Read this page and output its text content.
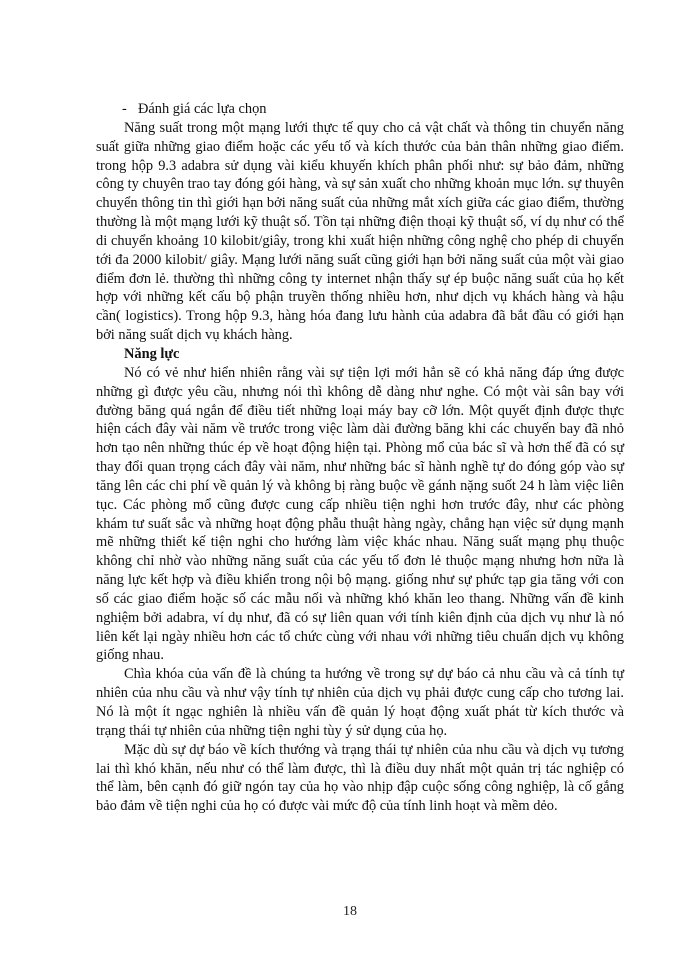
- Đánh giá các lựa chọn

Năng suất trong một mạng lưới thực tế quy cho cả vật chất và thông tin chuyển năng suất giữa những giao điểm hoặc các yếu tố và kích thước của bản thân những giao điểm. trong hộp 9.3 adabra sử dụng vài kiểu khuyến khích phân phối như: sự bảo đảm, những công ty chuyên trao tay đóng gói hàng, và sự sản xuất cho những khoản mục lớn. sự thuyên chuyển thông tin thì giới hạn bởi năng suất của những mắt xích giữa các giao điểm, thường thường là một mạng lưới kỹ thuật số. Tồn tại những điện thoại kỹ thuật số, ví dụ như có thể di chuyển khoảng 10 kilobit/giây, trong khi xuất hiện những công nghệ cho phép di chuyển tới đa 2000 kilobit/ giây. Mạng lưới năng suất cũng giới hạn bởi năng suất của một vài giao điểm đơn lẻ. thường thì những công ty internet nhận thấy sự ép buộc năng suất của họ kết hợp với những kết cấu bộ phận truyền thống nhiều hơn, như dịch vụ khách hàng và hậu cần( logistics). Trong hộp 9.3, hàng hóa đang lưu hành của adabra đã bắt đầu có giới hạn bởi năng suất dịch vụ khách hàng.

Năng lực

Nó có vẻ như hiển nhiên rằng vài sự tiện lợi mới hẳn sẽ có khả năng đáp ứng được những gì được yêu cầu, nhưng nói thì không dễ dàng như nghe. Có một vài sân bay với đường băng quá ngắn để điều tiết những loại máy bay cỡ lớn. Một quyết định được thực hiện cách đây vài năm về trước trong việc làm dài đường băng khi các chuyến bay đã nhỏ hơn tạo nên những thúc ép về hoạt động hiện tại. Phòng mổ của bác sĩ và hơn thế đã có sự thay đổi quan trọng cách đây vài năm, như những bác sĩ hành nghề tự do đóng góp vào sự tăng lên các chi phí về quản lý và không bị ràng buộc về gánh nặng suốt 24 h làm việc liên tục. Các phòng mổ cũng được cung cấp nhiều tiện nghi hơn trước đây, như các phòng khám tư suất sắc và những hoạt động phẫu thuật hàng ngày, chẳng hạn việc sử dụng mạnh mẽ những thiết kế tiện nghi cho hướng làm việc khác nhau. Năng suất mạng phụ thuộc không chỉ nhờ vào những năng suất của các yếu tố đơn lẻ thuộc mạng nhưng hơn nữa là năng lực kết hợp và điều khiển trong nội bộ mạng. giống như sự phức tạp gia tăng với con số các giao điểm hoặc số các mẫu nối và những khó khăn leo thang. Những vấn đề kinh nghiệm bởi adabra, ví dụ như, đã có sự liên quan với tính kiên định của dịch vụ như là nó liên kết lại ngày nhiều hơn các tổ chức cùng với nhau với những tiêu chuẩn dịch vụ không giống nhau.

Chìa khóa của vấn đề là chúng ta hướng về trong sự dự báo cả nhu cầu và cả tính tự nhiên của nhu cầu và như vậy tính tự nhiên của dịch vụ phải được cung cấp cho tương lai. Nó là một ít ngạc nghiên là nhiều vấn đề quản lý hoạt động xuất phát từ kích thước và trạng thái tự nhiên của những tiện nghi tùy ý sử dụng của họ.

Mặc dù sự dự báo về kích thướng và trạng thái tự nhiên của nhu cầu và dịch vụ tương lai thì khó khăn, nếu như có thể làm được, thì là điều duy nhất một quản trị tác nghiệp có thể làm, bên cạnh đó giữ ngón tay của họ vào nhịp đập cuộc sống công nghiệp, là cố gắng bảo đảm về tiện nghi của họ có được vài mức độ của tính linh hoạt và mềm dẻo.

18
